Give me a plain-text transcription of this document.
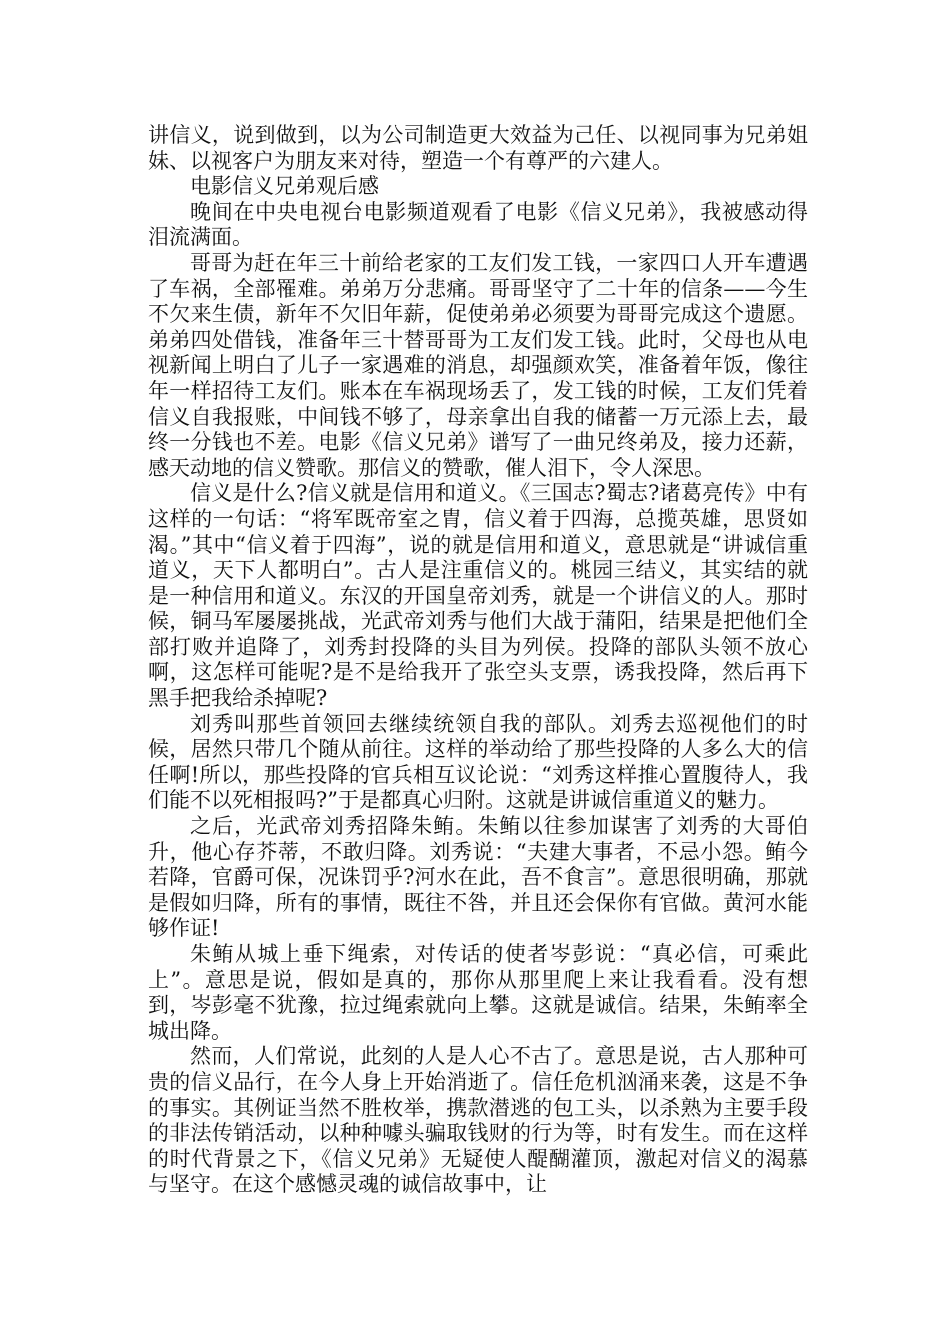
讲信义，说到做到，以为公司制造更大效益为己任、以视同事为兄弟姐妹、以视客户为朋友来对待，塑造一个有尊严的六建人。

电影信义兄弟观后感

晚间在中央电视台电影频道观看了电影《信义兄弟》，我被感动得泪流满面。

哥哥为赶在年三十前给老家的工友们发工钱，一家四口人开车遭遇了车祸，全部罹难。弟弟万分悲痛。哥哥坚守了二十年的信条——今生不欠来生债，新年不欠旧年薪，促使弟弟必须要为哥哥完成这个遗愿。弟弟四处借钱，准备年三十替哥哥为工友们发工钱。此时，父母也从电视新闻上明白了儿子一家遇难的消息，却强颜欢笑，准备着年饭，像往年一样招待工友们。账本在车祸现场丢了，发工钱的时候，工友们凭着信义自我报账，中间钱不够了，母亲拿出自我的储蓄一万元添上去，最终一分钱也不差。电影《信义兄弟》谱写了一曲兄终弟及，接力还薪，感天动地的信义赞歌。那信义的赞歌，催人泪下，令人深思。

信义是什么?信义就是信用和道义。《三国志?蜀志?诸葛亮传》中有这样的一句话：“将军既帝室之胄，信义着于四海，总揽英雄，思贤如渴。”其中“信义着于四海”，说的就是信用和道义，意思就是“讲诚信重道义，天下人都明白”。古人是注重信义的。桃园三结义，其实结的就是一种信用和道义。东汉的开国皇帝刘秀，就是一个讲信义的人。那时候，铜马军屡屡挑战，光武帝刘秀与他们大战于蒲阳，结果是把他们全部打败并追降了，刘秀封投降的头目为列侯。投降的部队头领不放心啊，这怎样可能呢?是不是给我开了张空头支票，诱我投降，然后再下黑手把我给杀掉呢?

刘秀叫那些首领回去继续统领自我的部队。刘秀去巡视他们的时候，居然只带几个随从前往。这样的举动给了那些投降的人多么大的信任啊!所以，那些投降的官兵相互议论说：“刘秀这样推心置腹待人，我们能不以死相报吗?”于是都真心归附。这就是讲诚信重道义的魅力。

之后，光武帝刘秀招降朱鲔。朱鲔以往参加谋害了刘秀的大哥伯升，他心存芥蒂，不敢归降。刘秀说：“夫建大事者，不忌小怨。鲔今若降，官爵可保，况诛罚乎?河水在此，吾不食言”。意思很明确，那就是假如归降，所有的事情，既往不咎，并且还会保你有官做。黄河水能够作证!

朱鲔从城上垂下绳索，对传话的使者岑彭说：“真必信，可乘此上”。意思是说，假如是真的，那你从那里爬上来让我看看。没有想到，岑彭毫不犹豫，拉过绳索就向上攀。这就是诚信。结果，朱鲔率全城出降。

然而，人们常说，此刻的人是人心不古了。意思是说，古人那种可贵的信义品行，在今人身上开始消逝了。信任危机汹涌来袭，这是不争的事实。其例证当然不胜枚举，携款潜逃的包工头，以杀熟为主要手段的非法传销活动，以种种噱头骗取钱财的行为等，时有发生。而在这样的时代背景之下，《信义兄弟》无疑使人醍醐灌顶，激起对信义的渴慕与坚守。在这个感憾灵魂的诚信故事中，让
